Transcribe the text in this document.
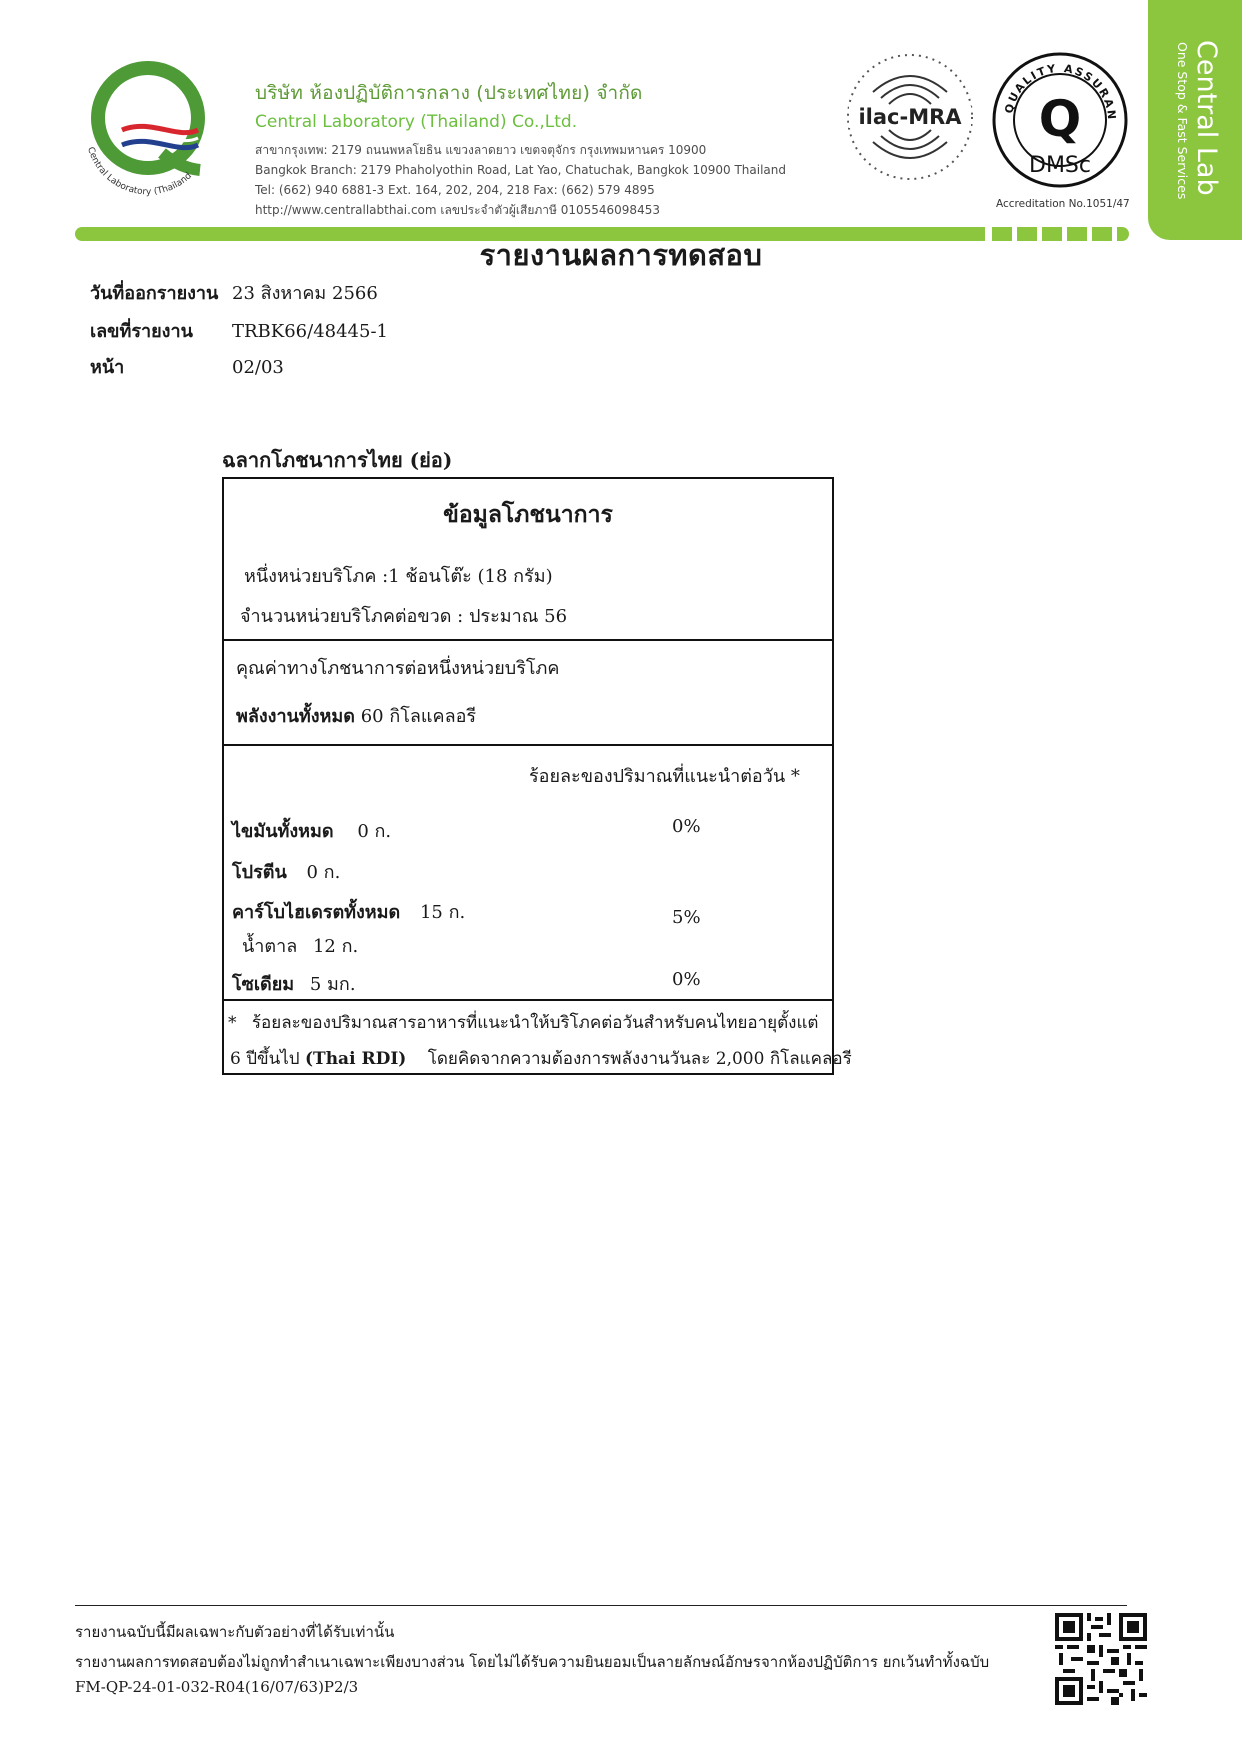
Central Laboratory (Thailand
บริษัท ห้องปฏิบัติการกลาง (ประเทศไทย) จำกัด
Central Laboratory (Thailand) Co.,Ltd.
สาขากรุงเทพ: 2179 ถนนพหลโยธิน แขวงลาดยาว เขตจตุจักร กรุงเทพมหานคร 10900
Bangkok Branch: 2179 Phaholyothin Road, Lat Yao, Chatuchak, Bangkok 10900 Thailand
Tel: (662) 940 6881-3 Ext. 164, 202, 204, 218 Fax: (662) 579 4895
http://www.centrallabthai.com เลขประจำตัวผู้เสียภาษี 0105546098453
ilac-MRA	QUALITY ASSURAN
Q
DMSc
Accreditation No.1051/47
Central Lab
One Stop & Fast Services
รายงานผลการทดสอบ
วันที่ออกรายงาน 23 สิงหาคม 2566
เลขที่รายงาน TRBK66/48445-1
หน้า	02/03
ฉลากโภชนาการไทย (ย่อ)
ข้อมูลโภชนาการ
หนึ่งหน่วยบริโภค :1 ช้อนโต๊ะ (18 กรัม)
จำนวนหน่วยบริโภคต่อขวด : ประมาณ 56
คุณค่าทางโภชนาการต่อหนึ่งหน่วยบริโภค
พลังงานทั้งหมด 60 กิโลแคลอรี
ร้อยละของปริมาณที่แนะนำต่อวัน *
ไขมันทั้งหมด 0 ก.	0%
โปรตีน 0 ก.
คาร์โบไฮเดรตทั้งหมด 15 ก.	5%
น้ำตาล 12 ก.
โซเดียม 5 มก.	0%
* ร้อยละของปริมาณสารอาหารที่แนะนำให้บริโภคต่อวันสำหรับคนไทยอายุตั้งแต่
6 ปีขึ้นไป (Thai RDI) โดยคิดจากความต้องการพลังงานวันละ 2,000 กิโลแคลอรี
รายงานฉบับนี้มีผลเฉพาะกับตัวอย่างที่ได้รับเท่านั้น
รายงานผลการทดสอบต้องไม่ถูกทำสำเนาเฉพาะเพียงบางส่วน โดยไม่ได้รับความยินยอมเป็นลายลักษณ์อักษรจากห้องปฏิบัติการ ยกเว้นทำทั้งฉบับ
FM-QP-24-01-032-R04(16/07/63)P2/3
